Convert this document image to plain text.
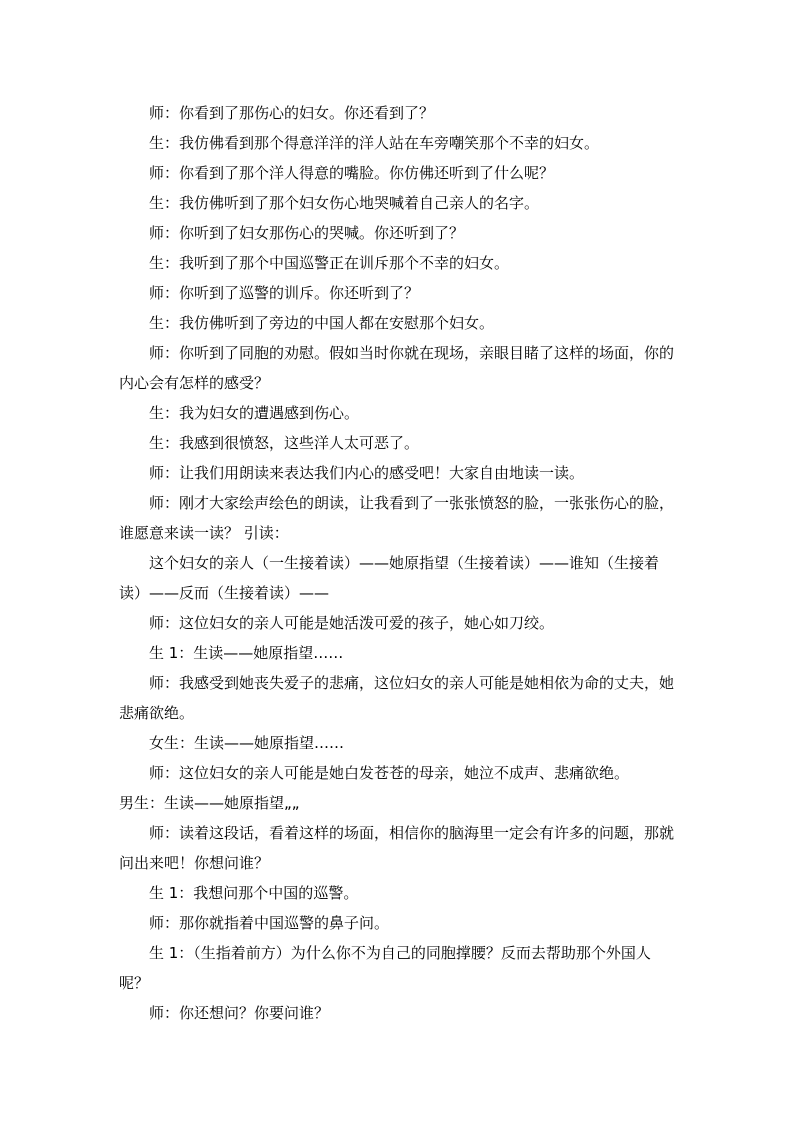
师：你看到了那伤心的妇女。你还看到了？

生：我仿佛看到那个得意洋洋的洋人站在车旁嘲笑那个不幸的妇女。

师：你看到了那个洋人得意的嘴脸。你仿佛还听到了什么呢？

生：我仿佛听到了那个妇女伤心地哭喊着自己亲人的名字。

师：你听到了妇女那伤心的哭喊。你还听到了？

生：我听到了那个中国巡警正在训斥那个不幸的妇女。

师：你听到了巡警的训斥。你还听到了？

生：我仿佛听到了旁边的中国人都在安慰那个妇女。

师：你听到了同胞的劝慰。假如当时你就在现场，亲眼目睹了这样的场面，你的内心会有怎样的感受？

生：我为妇女的遭遇感到伤心。

生：我感到很愤怒，这些洋人太可恶了。

师：让我们用朗读来表达我们内心的感受吧！大家自由地读一读。

师：刚才大家绘声绘色的朗读，让我看到了一张张愤怒的脸，一张张伤心的脸，谁愿意来读一读？ 引读：

这个妇女的亲人（一生接着读）——她原指望（生接着读）——谁知（生接着读）——反而（生接着读）——

师：这位妇女的亲人可能是她活泼可爱的孩子，她心如刀绞。

生 1：生读——她原指望……

师：我感受到她丧失爱子的悲痛，这位妇女的亲人可能是她相依为命的丈夫，她悲痛欲绝。

女生：生读——她原指望……

师：这位妇女的亲人可能是她白发苍苍的母亲，她泣不成声、悲痛欲绝。

男生：生读——她原指望„„

师：读着这段话，看着这样的场面，相信你的脑海里一定会有许多的问题，那就问出来吧！你想问谁？

生 1：我想问那个中国的巡警。

师：那你就指着中国巡警的鼻子问。

生 1：（生指着前方）为什么你不为自己的同胞撑腰？反而去帮助那个外国人呢？

师：你还想问？你要问谁？
